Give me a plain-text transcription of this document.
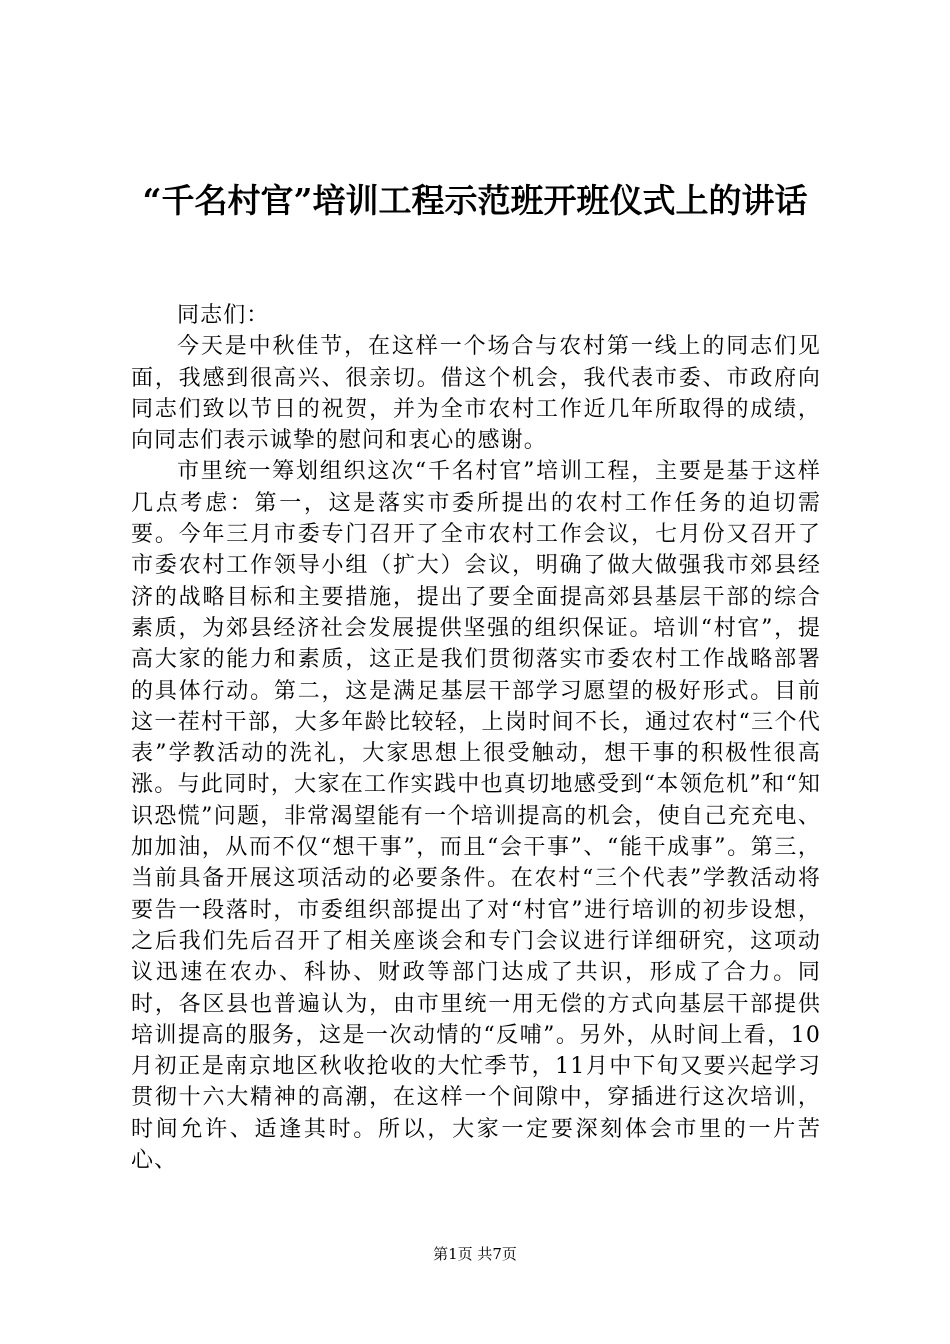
“千名村官”培训工程示范班开班仪式上的讲话

同志们：

今天是中秋佳节，在这样一个场合与农村第一线上的同志们见面，我感到很高兴、很亲切。借这个机会，我代表市委、市政府向同志们致以节日的祝贺，并为全市农村工作近几年所取得的成绩，向同志们表示诚挚的慰问和衷心的感谢。

市里统一筹划组织这次“千名村官”培训工程，主要是基于这样几点考虑：第一，这是落实市委所提出的农村工作任务的迫切需要。今年三月市委专门召开了全市农村工作会议，七月份又召开了市委农村工作领导小组（扩大）会议，明确了做大做强我市郊县经济的战略目标和主要措施，提出了要全面提高郊县基层干部的综合素质，为郊县经济社会发展提供坚强的组织保证。培训“村官”，提高大家的能力和素质，这正是我们贯彻落实市委农村工作战略部署的具体行动。第二，这是满足基层干部学习愿望的极好形式。目前这一茬村干部，大多年龄比较轻，上岗时间不长，通过农村“三个代表”学教活动的洗礼，大家思想上很受触动，想干事的积极性很高涨。与此同时，大家在工作实践中也真切地感受到“本领危机”和“知识恐慌”问题，非常渴望能有一个培训提高的机会，使自己充充电、加加油，从而不仅“想干事”，而且“会干事”、“能干成事”。第三，当前具备开展这项活动的必要条件。在农村“三个代表”学教活动将要告一段落时，市委组织部提出了对“村官”进行培训的初步设想，之后我们先后召开了相关座谈会和专门会议进行详细研究，这项动议迅速在农办、科协、财政等部门达成了共识，形成了合力。同时，各区县也普遍认为，由市里统一用无偿的方式向基层干部提供培训提高的服务，这是一次动情的“反哺”。另外，从时间上看，10月初正是南京地区秋收抢收的大忙季节，11月中下旬又要兴起学习贯彻十六大精神的高潮，在这样一个间隙中，穿插进行这次培训，时间允许、适逢其时。所以，大家一定要深刻体会市里的一片苦心、

第1页 共7页
